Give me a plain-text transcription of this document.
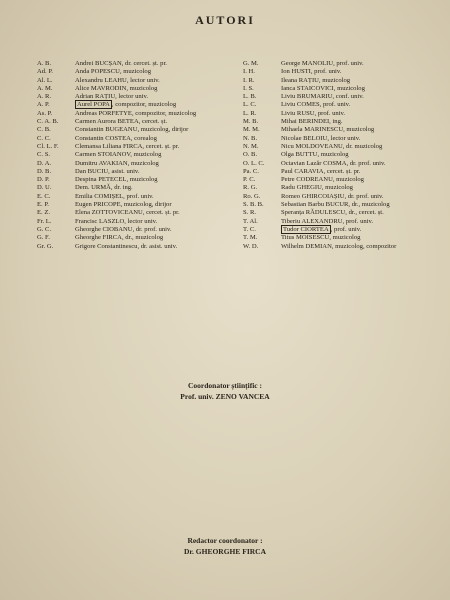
AUTORI
A. B.	Andrei BUCȘAN, dr. cercet. șt. pr.
Ad. P.	Anda POPESCU, muzicolog
Al. L.	Alexandru LEAHU, lector univ.
A. M.	Alice MAVRODIN, muzicolog
A. R.	Adrian RAȚIU, lector univ.
A. P.	Aurel POPA , compozitor, muzicolog
As. P.	Andreas PORFETYE, compozitor, muzicolog
C. A. B.	Carmen Aurora BETEA, cercet. șt.
C. B.	Constantin BUGEANU, muzicolog, dirijor
C. C.	Constantin COSTEA, corealog
Cl. L. F.	Clemansa Liliana FIRCA, cercet. șt. pr.
C. S.	Carmen STOIANOV, muzicolog
D. A.	Dumitru AVAKIAN, muzicolog
D. B.	Dan BUCIU, asist. univ.
D. P.	Despina PETECEL, muzicolog
D. U.	Dem. URMĂ, dr. ing.
E. C.	Emilia COMIȘEL, prof. univ.
E. P.	Eugen PRICOPE, muzicolog, dirijor
E. Z.	Elena ZOTTOVICEANU, cercet. șt. pr.
Fr. L.	Francisc LASZLO, lector univ.
G. C.	Gheorghe CIOBANU, dr. prof. univ.
G. F.	Gheorghe FIRCA, dr., muzicolog
Gr. G.	Grigore Constantinescu, dr. asist. univ.
G. M.	George MANOLIU, prof. univ.
I. H.	Ion HUSTI, prof. univ.
I. R.	Ileana RAȚIU, muzicolog
I. S.	Ianca STAICOVICI, muzicolog
L. B.	Liviu BRUMARIU, conf. univ.
L. C.	Liviu COMES, prof. univ.
L. R.	Liviu RUSU, prof. univ.
M. B.	Mihai BERINDEI, ing.
M. M.	Mihaela MARINESCU, muzicolog
N. B.	Nicolae BELOIU, lector univ.
N. M.	Nicu MOLDOVEANU, dr. muzicolog
O. B.	Olga BUTTU, muzicolog
O. L. C.	Octavian Lazăr COSMA, dr. prof. univ.
Pa. C.	Paul CARAVIA, cercet. șt. pr.
P. C.	Petre CODREANU, muzicolog
R. G.	Radu GHEGIU, muzicolog
Ro. G.	Romeo GHIRCOIAȘIU, dr. prof. univ.
S. B. B.	Sebastian Barbu BUCUR, dr., muzicolog
S. R.	Speranța RĂDULESCU, dr., cercet. șt.
T. Al.	Tiberiu ALEXANDRU, prof. univ.
T. C.	Tudor CIORTEA , prof. univ.
T. M.	Titus MOISESCU, muzicolog
W. D.	Wilhelm DEMIAN, muzicolog, compozitor
Coordonator științific :
Prof. univ. ZENO VANCEA
Redactor coordonator :
Dr. GHEORGHE FIRCA
